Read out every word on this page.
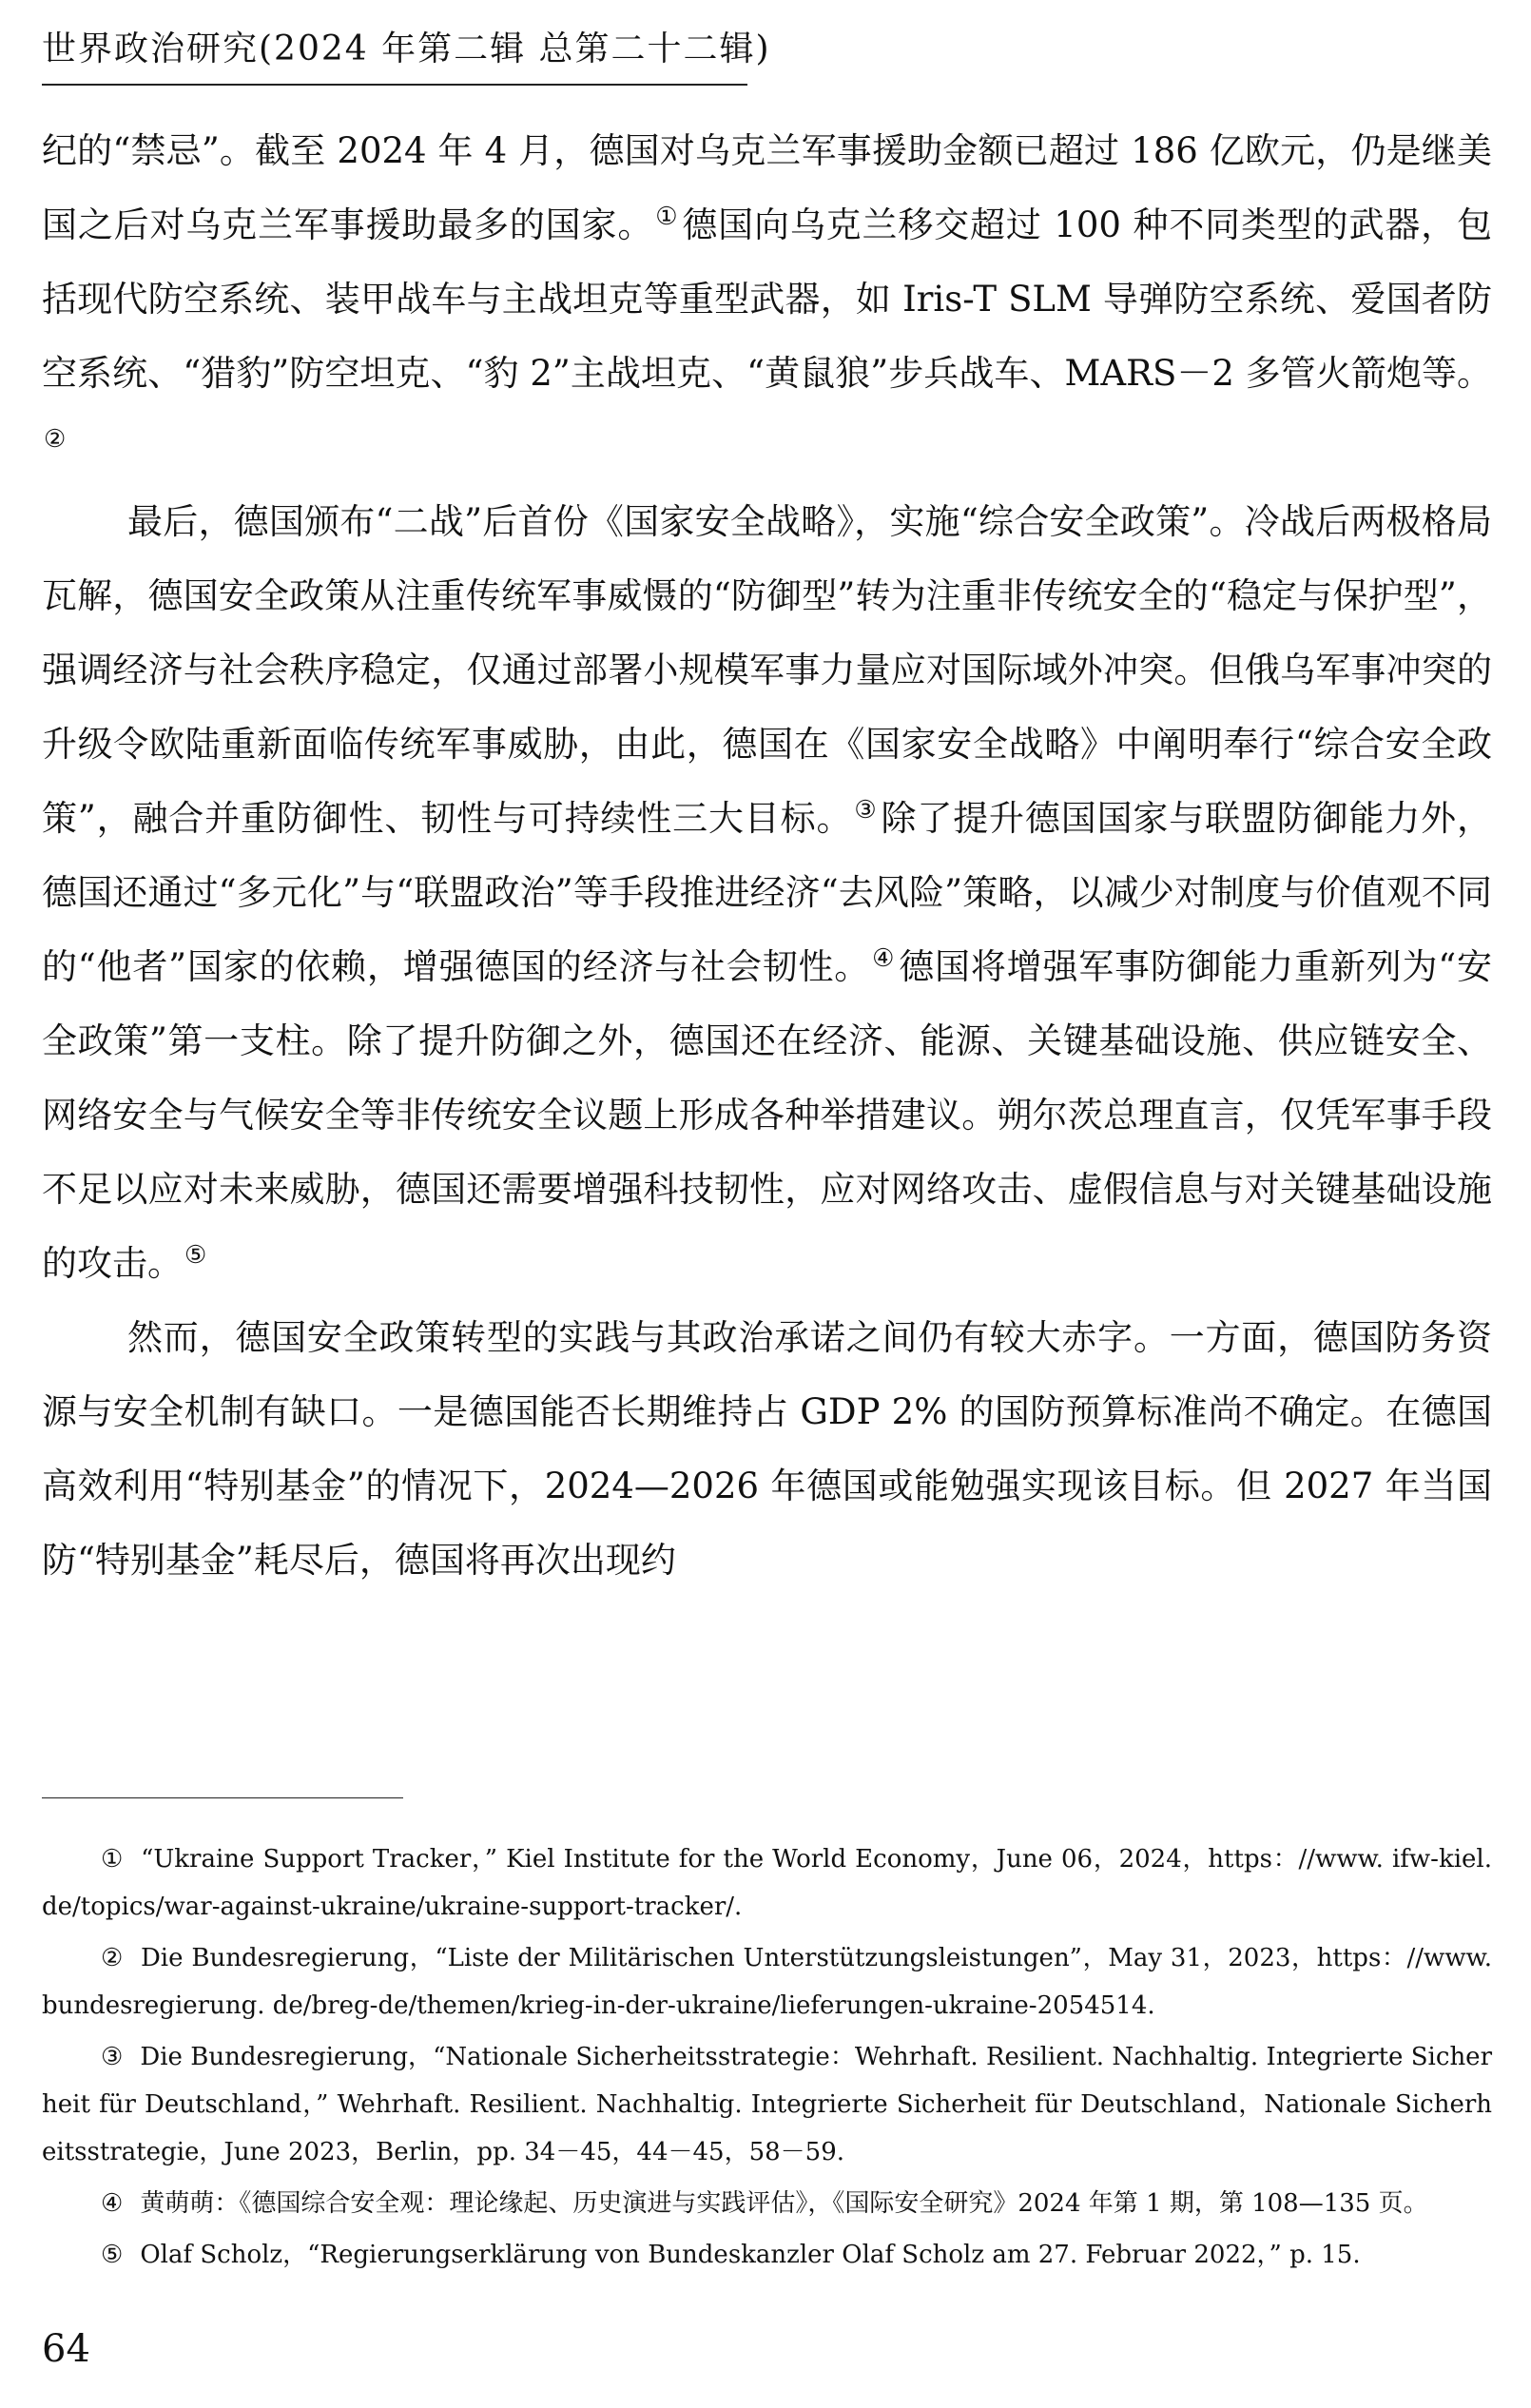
世界政治研究(2024 年第二辑 总第二十二辑)

纪的“禁忌”。截至 2024 年 4 月，德国对乌克兰军事援助金额已超过 186 亿欧元，仍是继美国之后对乌克兰军事援助最多的国家。① 德国向乌克兰移交超过 100 种不同类型的武器，包括现代防空系统、装甲战车与主战坦克等重型武器，如 Iris-T SLM 导弹防空系统、爱国者防空系统、“猎豹”防空坦克、“豹 2”主战坦克、“黄鼠狼”步兵战车、MARS－2 多管火箭炮等。②

最后，德国颁布“二战”后首份《国家安全战略》，实施“综合安全政策”。冷战后两极格局瓦解，德国安全政策从注重传统军事威慑的“防御型”转为注重非传统安全的“稳定与保护型”，强调经济与社会秩序稳定，仅通过部署小规模军事力量应对国际域外冲突。但俄乌军事冲突的升级令欧陆重新面临传统军事威胁，由此，德国在《国家安全战略》中阐明奉行“综合安全政策”，融合并重防御性、韧性与可持续性三大目标。③ 除了提升德国国家与联盟防御能力外，德国还通过“多元化”与“联盟政治”等手段推进经济“去风险”策略，以减少对制度与价值观不同的“他者”国家的依赖，增强德国的经济与社会韧性。④ 德国将增强军事防御能力重新列为“安全政策”第一支柱。除了提升防御之外，德国还在经济、能源、关键基础设施、供应链安全、网络安全与气候安全等非传统安全议题上形成各种举措建议。朔尔茨总理直言，仅凭军事手段不足以应对未来威胁，德国还需要增强科技韧性，应对网络攻击、虚假信息与对关键基础设施的攻击。⑤

然而，德国安全政策转型的实践与其政治承诺之间仍有较大赤字。一方面，德国防务资源与安全机制有缺口。一是德国能否长期维持占 GDP 2% 的国防预算标准尚不确定。在德国高效利用“特别基金”的情况下，2024—2026 年德国或能勉强实现该目标。但 2027 年当国防“特别基金”耗尽后，德国将再次出现约

① “Ukraine Support Tracker，” Kiel Institute for the World Economy，June 06，2024，https：//www. ifw-kiel. de/topics/war-against-ukraine/ukraine-support-tracker/.
② Die Bundesregierung，“Liste der Militärischen Unterstützungsleistungen”，May 31，2023，https：//www. bundesregierung. de/breg-de/themen/krieg-in-der-ukraine/lieferungen-ukraine-2054514.
③ Die Bundesregierung，“Nationale Sicherheitsstrategie：Wehrhaft. Resilient. Nachhaltig. Integrierte Sicherheit für Deutschland，” Wehrhaft. Resilient. Nachhaltig. Integrierte Sicherheit für Deutschland，Nationale Sicherheitsstrategie，June 2023，Berlin，pp. 34－45，44－45，58－59.
④ 黄萌萌：《德国综合安全观：理论缘起、历史演进与实践评估》，《国际安全研究》2024 年第 1 期，第 108—135 页。
⑤ Olaf Scholz，“Regierungserklärung von Bundeskanzler Olaf Scholz am 27. Februar 2022，” p. 15.
64
